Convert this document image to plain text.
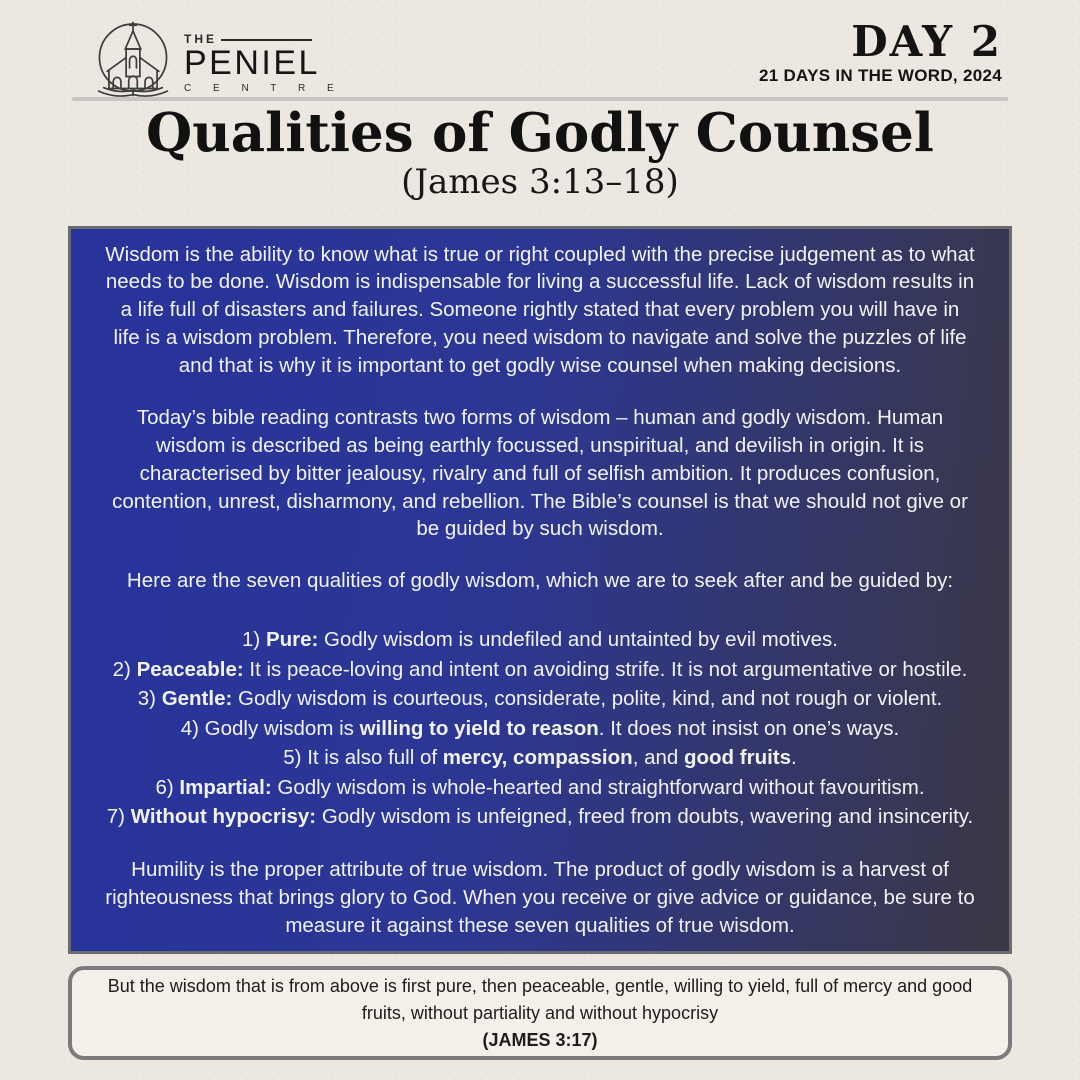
THE
PENIEL
C E N T R E
DAY 2
21 DAYS IN THE WORD, 2024
Qualities of Godly Counsel
(James 3:13–18)
Wisdom is the ability to know what is true or right coupled with the precise judgement as to what needs to be done. Wisdom is indispensable for living a successful life. Lack of wisdom results in a life full of disasters and failures. Someone rightly stated that every problem you will have in life is a wisdom problem. Therefore, you need wisdom to navigate and solve the puzzles of life and that is why it is important to get godly wise counsel when making decisions.
Today’s bible reading contrasts two forms of wisdom – human and godly wisdom. Human wisdom is described as being earthly focussed, unspiritual, and devilish in origin. It is characterised by bitter jealousy, rivalry and full of selfish ambition. It produces confusion, contention, unrest, disharmony, and rebellion. The Bible’s counsel is that we should not give or be guided by such wisdom.
Here are the seven qualities of godly wisdom, which we are to seek after and be guided by:
1) Pure: Godly wisdom is undefiled and untainted by evil motives.
2) Peaceable: It is peace-loving and intent on avoiding strife. It is not argumentative or hostile.
3) Gentle: Godly wisdom is courteous, considerate, polite, kind, and not rough or violent.
4) Godly wisdom is willing to yield to reason. It does not insist on one’s ways.
5) It is also full of mercy, compassion, and good fruits.
6) Impartial: Godly wisdom is whole-hearted and straightforward without favouritism.
7) Without hypocrisy: Godly wisdom is unfeigned, freed from doubts, wavering and insincerity.
Humility is the proper attribute of true wisdom. The product of godly wisdom is a harvest of righteousness that brings glory to God. When you receive or give advice or guidance, be sure to measure it against these seven qualities of true wisdom.
But the wisdom that is from above is first pure, then peaceable, gentle, willing to yield, full of mercy and good fruits, without partiality and without hypocrisy
(JAMES 3:17)
